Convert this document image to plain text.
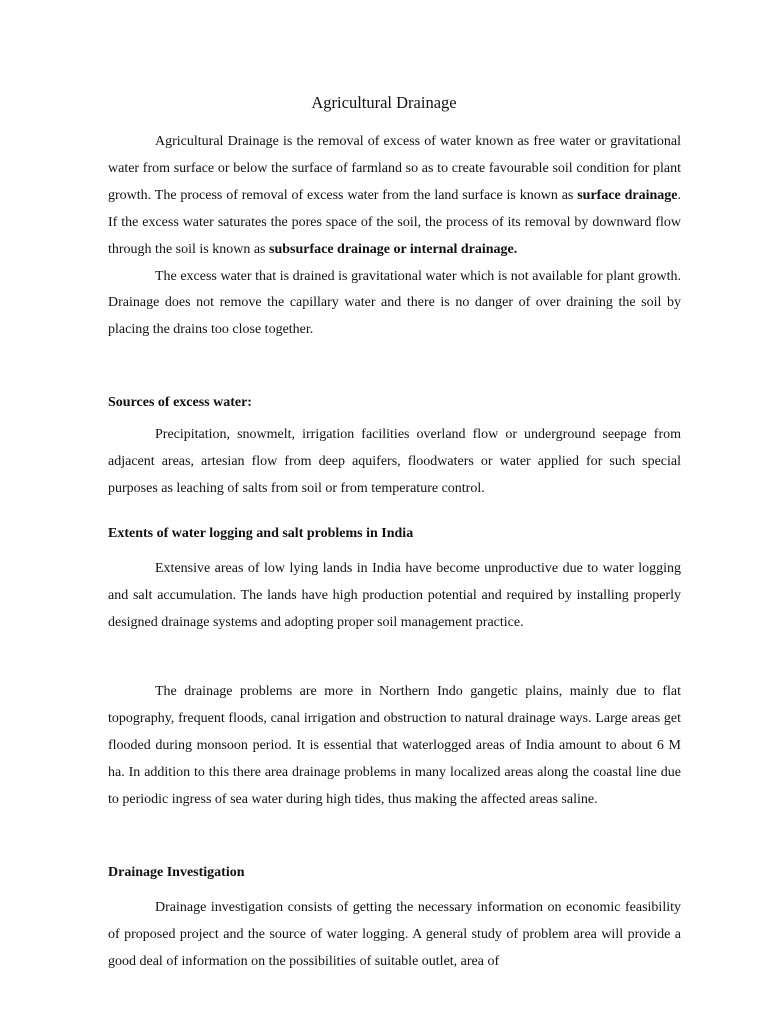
Agricultural Drainage

Agricultural Drainage is the removal of excess of water known as free water or gravitational water from surface or below the surface of farmland so as to create favourable soil condition for plant growth. The process of removal of excess water from the land surface is known as surface drainage. If the excess water saturates the pores space of the soil, the process of its removal by downward flow through the soil is known as subsurface drainage or internal drainage.

The excess water that is drained is gravitational water which is not available for plant growth. Drainage does not remove the capillary water and there is no danger of over draining the soil by placing the drains too close together.

Sources of excess water:

Precipitation, snowmelt, irrigation facilities overland flow or underground seepage from adjacent areas, artesian flow from deep aquifers, floodwaters or water applied for such special purposes as leaching of salts from soil or from temperature control.

Extents of water logging and salt problems in India

Extensive areas of low lying lands in India have become unproductive due to water logging and salt accumulation. The lands have high production potential and required by installing properly designed drainage systems and adopting proper soil management practice.

The drainage problems are more in Northern Indo gangetic plains, mainly due to flat topography, frequent floods, canal irrigation and obstruction to natural drainage ways. Large areas get flooded during monsoon period. It is essential that waterlogged areas of India amount to about 6 M ha. In addition to this there area drainage problems in many localized areas along the coastal line due to periodic ingress of sea water during high tides, thus making the affected areas saline.

Drainage Investigation

Drainage investigation consists of getting the necessary information on economic feasibility of proposed project and the source of water logging. A general study of problem area will provide a good deal of information on the possibilities of suitable outlet, area of
